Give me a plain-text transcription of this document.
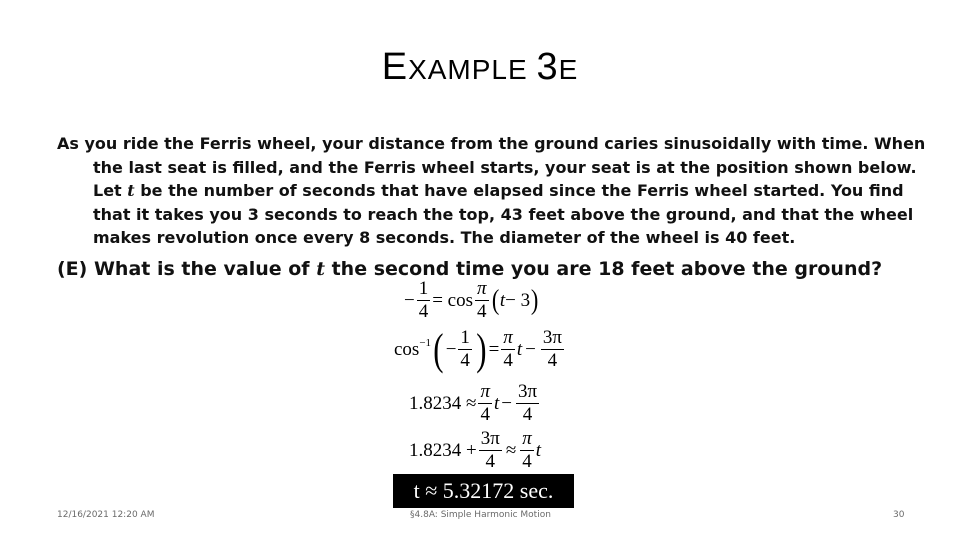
EXAMPLE 3E

As you ride the Ferris wheel, your distance from the ground caries sinusoidally with time. When the last seat is filled, and the Ferris wheel starts, your seat is at the position shown below. Let t be the number of seconds that have elapsed since the Ferris wheel started. You find that it takes you 3 seconds to reach the top, 43 feet above the ground, and that the wheel makes revolution once every 8 seconds. The diameter of the wheel is 40 feet.

(E) What is the value of t the second time you are 18 feet above the ground?
− $\frac{1}{4} = \cos \frac{\pi}{4}$ ( t − 3 )
$\cos^{-1}$ ( − $\frac{1}{4}$ ) = $\frac{\pi}{4}$ $t - \frac{3\pi}{4}$
$1.8234 \approx \frac{\pi}{4}$ $t - \frac{3\pi}{4}$
$1.8234 + \frac{3\pi}{4} \approx \frac{\pi}{4}$ t
t ≈ 5.32172 sec.
12/16/2021 12:20 AM	§4.8A: Simple Harmonic Motion	30
